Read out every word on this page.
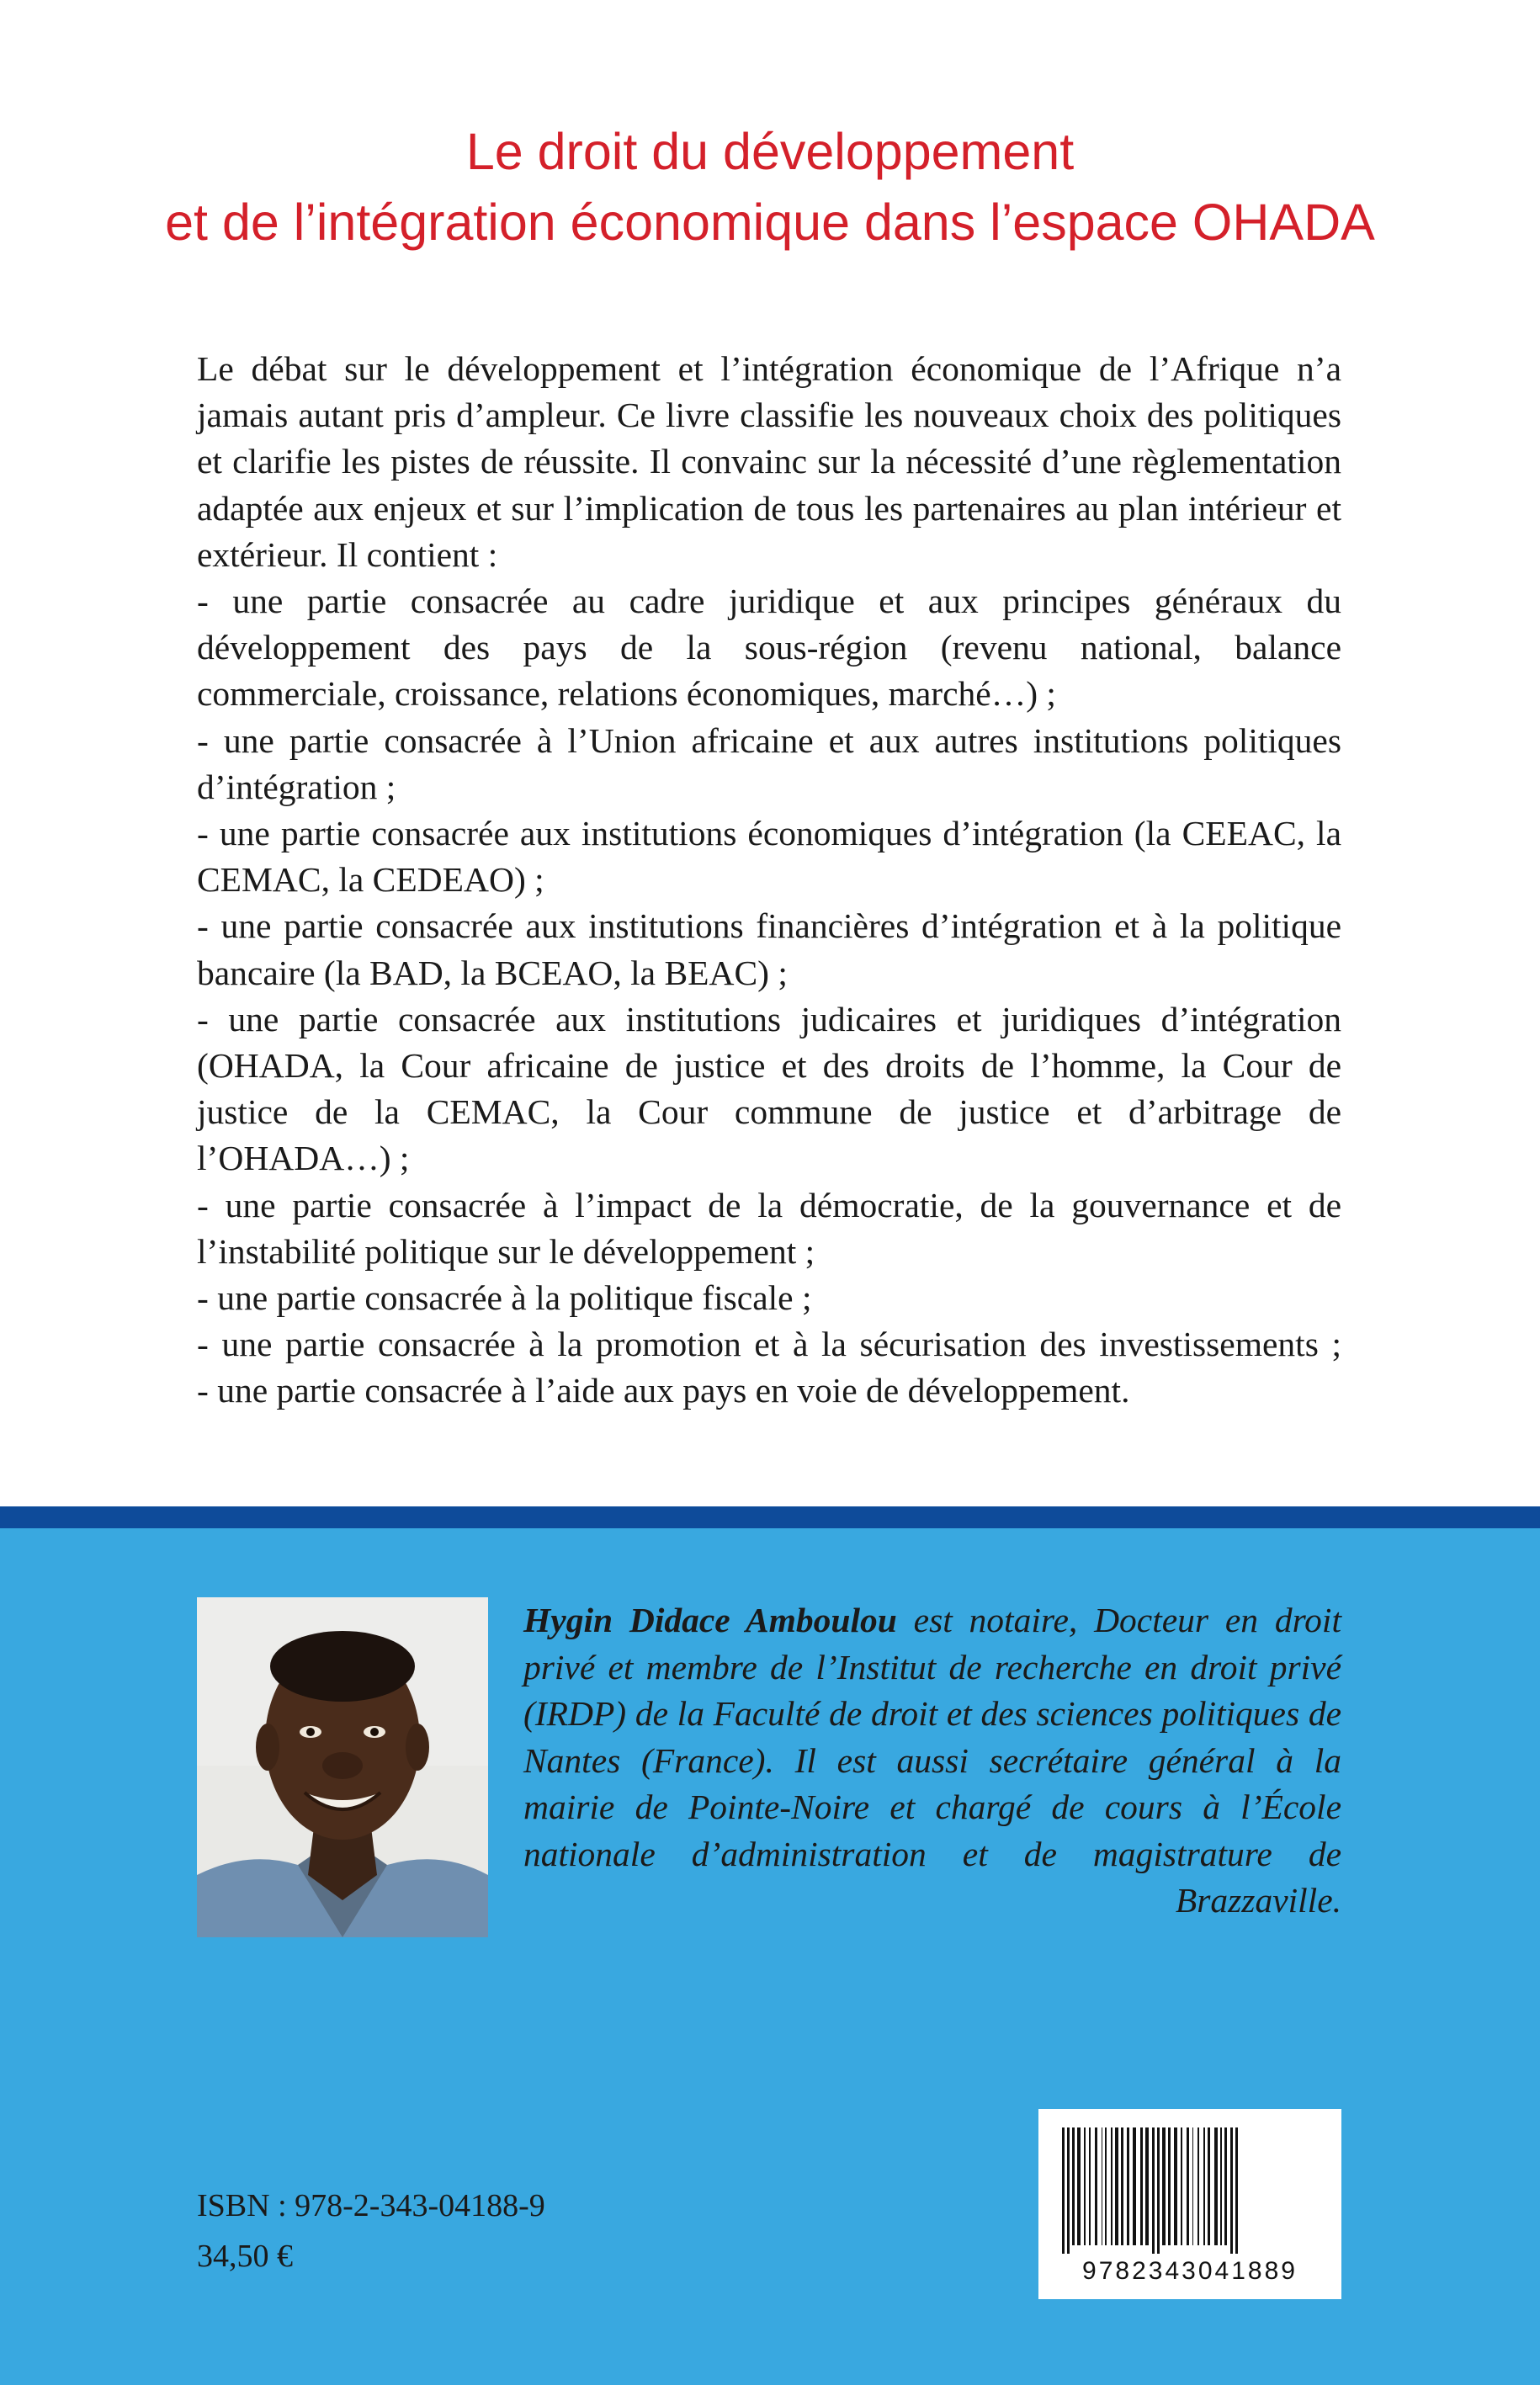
Le droit du développement
et de l’intégration économique dans l’espace OHADA

Le débat sur le développement et l’intégration économique de l’Afrique n’a jamais autant pris d’ampleur. Ce livre classifie les nouveaux choix des politiques et clarifie les pistes de réussite. Il convainc sur la nécessité d’une règlementation adaptée aux enjeux et sur l’implication de tous les partenaires au plan intérieur et extérieur. Il contient :

- une partie consacrée au cadre juridique et aux principes généraux du développement des pays de la sous-région (revenu national, balance commerciale, croissance, relations économiques, marché…) ;

- une partie consacrée à l’Union africaine et aux autres institutions politiques d’intégration ;

- une partie consacrée aux institutions économiques d’intégration (la CEEAC, la CEMAC, la CEDEAO) ;

- une partie consacrée aux institutions financières d’intégration et à la politique bancaire (la BAD, la BCEAO, la BEAC) ;

- une partie consacrée aux institutions judicaires et juridiques d’intégration (OHADA, la Cour africaine de justice et des droits de l’homme, la Cour de justice de la CEMAC, la Cour commune de justice et d’arbitrage de l’OHADA…) ;

- une partie consacrée à l’impact de la démocratie, de la gouvernance et de l’instabilité politique sur le développement ;

- une partie consacrée à la politique fiscale ;

- une partie consacrée à la promotion et à la sécurisation des investissements ;

- une partie consacrée à l’aide aux pays en voie de développement.

Hygin Didace Amboulou est notaire, Docteur en droit privé et membre de l’Institut de recherche en droit privé (IRDP) de la Faculté de droit et des sciences politiques de Nantes (France). Il est aussi secrétaire général à la mairie de Pointe-Noire et chargé de cours à l’École nationale d’administration et de magistrature de Brazzaville.
ISBN : 978-2-343-04188-9
34,50 €	9782343041889
